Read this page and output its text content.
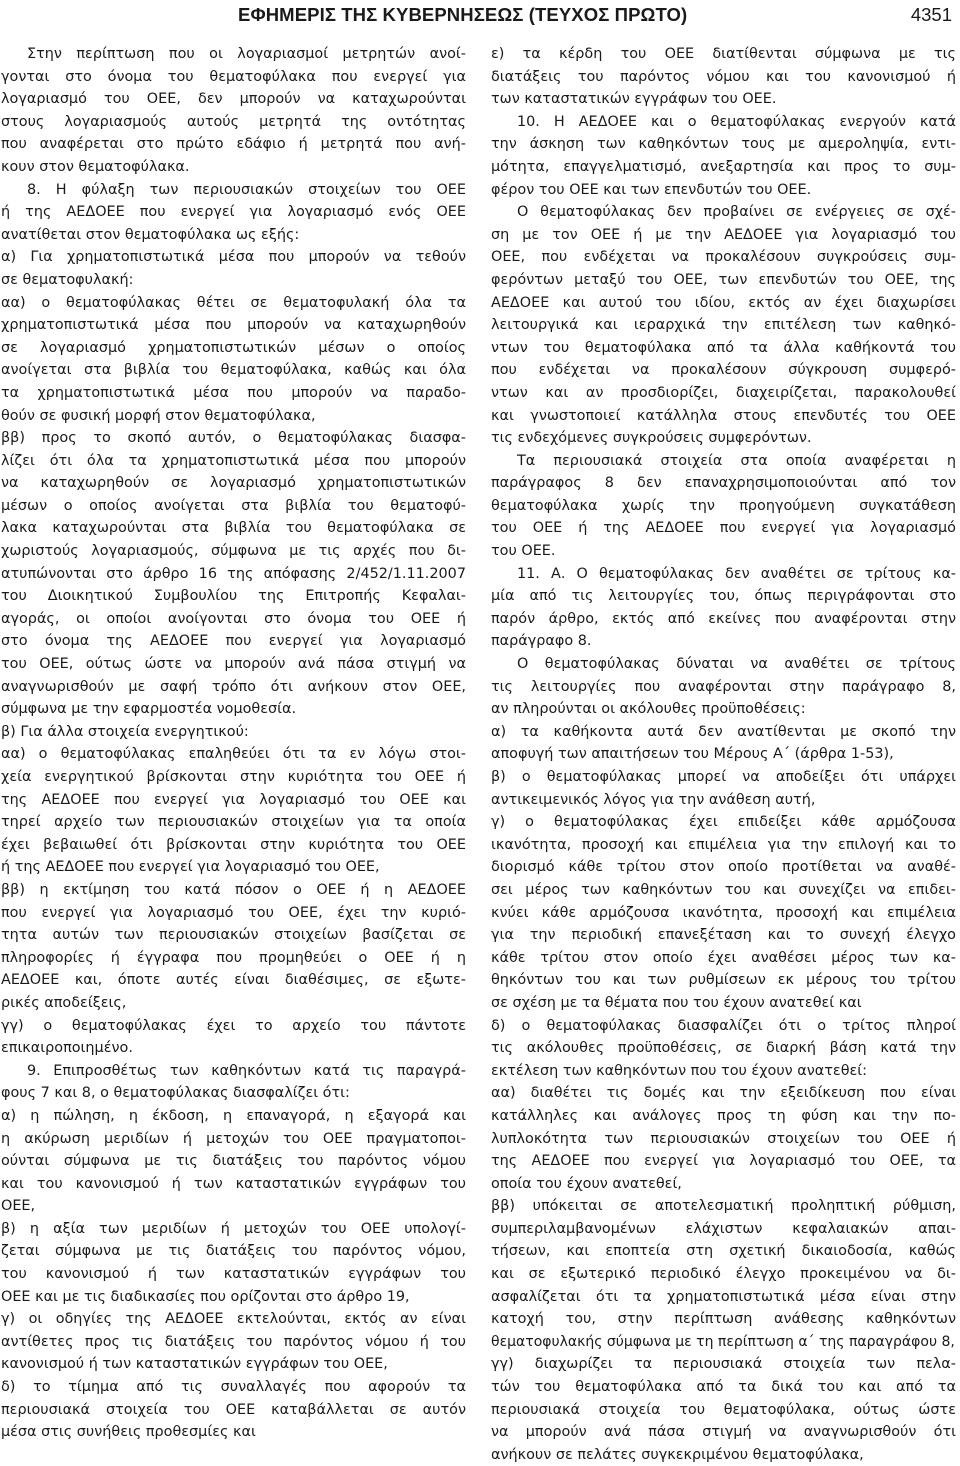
ΕΦΗΜΕΡΙΣ ΤΗΣ ΚΥΒΕΡΝΗΣΕΩΣ (ΤΕΥΧΟΣ ΠΡΩΤΟ)	4351
Στην περίπτωση που οι λογαριασμοί μετρητών ανοί-
γονται στο όνομα του θεματοφύλακα που ενεργεί για
λογαριασμό του ΟΕΕ, δεν μπορούν να καταχωρούνται
στους λογαριασμούς αυτούς μετρητά της οντότητας
που αναφέρεται στο πρώτο εδάφιο ή μετρητά που ανή-
κουν στον θεματοφύλακα.
8. Η φύλαξη των περιουσιακών στοιχείων του ΟΕΕ
ή της ΑΕΔΟΕΕ που ενεργεί για λογαριασμό ενός ΟΕΕ
ανατίθεται στον θεματοφύλακα ως εξής:
α) Για χρηματοπιστωτικά μέσα που μπορούν να τεθούν
σε θεματοφυλακή:
αα) ο θεματοφύλακας θέτει σε θεματοφυλακή όλα τα
χρηματοπιστωτικά μέσα που μπορούν να καταχωρηθούν
σε λογαριασμό χρηματοπιστωτικών μέσων ο οποίος
ανοίγεται στα βιβλία του θεματοφύλακα, καθώς και όλα
τα χρηματοπιστωτικά μέσα που μπορούν να παραδο-
θούν σε φυσική μορφή στον θεματοφύλακα,
ββ) προς το σκοπό αυτόν, ο θεματοφύλακας διασφα-
λίζει ότι όλα τα χρηματοπιστωτικά μέσα που μπορούν
να καταχωρηθούν σε λογαριασμό χρηματοπιστωτικών
μέσων ο οποίος ανοίγεται στα βιβλία του θεματοφύ-
λακα καταχωρούνται στα βιβλία του θεματοφύλακα σε
χωριστούς λογαριασμούς, σύμφωνα με τις αρχές που δι-
ατυπώνονται στο άρθρο 16 της απόφασης 2/452/1.11.2007
του Διοικητικού Συμβουλίου της Επιτροπής Κεφαλαι-
αγοράς, οι οποίοι ανοίγονται στο όνομα του ΟΕΕ ή
στο όνομα της ΑΕΔΟΕΕ που ενεργεί για λογαριασμό
του ΟΕΕ, ούτως ώστε να μπορούν ανά πάσα στιγμή να
αναγνωρισθούν με σαφή τρόπο ότι ανήκουν στον ΟΕΕ,
σύμφωνα με την εφαρμοστέα νομοθεσία.
β) Για άλλα στοιχεία ενεργητικού:
αα) ο θεματοφύλακας επαληθεύει ότι τα εν λόγω στοι-
χεία ενεργητικού βρίσκονται στην κυριότητα του ΟΕΕ ή
της ΑΕΔΟΕΕ που ενεργεί για λογαριασμό του ΟΕΕ και
τηρεί αρχείο των περιουσιακών στοιχείων για τα οποία
έχει βεβαιωθεί ότι βρίσκονται στην κυριότητα του ΟΕΕ
ή της ΑΕΔΟΕΕ που ενεργεί για λογαριασμό του ΟΕΕ,
ββ) η εκτίμηση του κατά πόσον ο ΟΕΕ ή η ΑΕΔΟΕΕ
που ενεργεί για λογαριασμό του ΟΕΕ, έχει την κυριό-
τητα αυτών των περιουσιακών στοιχείων βασίζεται σε
πληροφορίες ή έγγραφα που προμηθεύει ο ΟΕΕ ή η
ΑΕΔΟΕΕ και, όποτε αυτές είναι διαθέσιμες, σε εξωτε-
ρικές αποδείξεις,
γγ) ο θεματοφύλακας έχει το αρχείο του πάντοτε
επικαιροποιημένο.
9. Επιπροσθέτως των καθηκόντων κατά τις παραγρά-
φους 7 και 8, ο θεματοφύλακας διασφαλίζει ότι:
α) η πώληση, η έκδοση, η επαναγορά, η εξαγορά και
η ακύρωση μεριδίων ή μετοχών του ΟΕΕ πραγματοποι-
ούνται σύμφωνα με τις διατάξεις του παρόντος νόμου
και του κανονισμού ή των καταστατικών εγγράφων του
ΟΕΕ,
β) η αξία των μεριδίων ή μετοχών του ΟΕΕ υπολογί-
ζεται σύμφωνα με τις διατάξεις του παρόντος νόμου,
του κανονισμού ή των καταστατικών εγγράφων του
ΟΕΕ και με τις διαδικασίες που ορίζονται στο άρθρο 19,
γ) οι οδηγίες της ΑΕΔΟΕΕ εκτελούνται, εκτός αν είναι
αντίθετες προς τις διατάξεις του παρόντος νόμου ή του
κανονισμού ή των καταστατικών εγγράφων του ΟΕΕ,
δ) το τίμημα από τις συναλλαγές που αφορούν τα
περιουσιακά στοιχεία του ΟΕΕ καταβάλλεται σε αυτόν
μέσα στις συνήθεις προθεσμίες και
ε) τα κέρδη του ΟΕΕ διατίθενται σύμφωνα με τις
διατάξεις του παρόντος νόμου και του κανονισμού ή
των καταστατικών εγγράφων του ΟΕΕ.
10. Η ΑΕΔΟΕΕ και ο θεματοφύλακας ενεργούν κατά
την άσκηση των καθηκόντων τους με αμεροληψία, εντι-
μότητα, επαγγελματισμό, ανεξαρτησία και προς το συμ-
φέρον του ΟΕΕ και των επενδυτών του ΟΕΕ.
Ο θεματοφύλακας δεν προβαίνει σε ενέργειες σε σχέ-
ση με τον ΟΕΕ ή με την ΑΕΔΟΕΕ για λογαριασμό του
ΟΕΕ, που ενδέχεται να προκαλέσουν συγκρούσεις συμ-
φερόντων μεταξύ του ΟΕΕ, των επενδυτών του ΟΕΕ, της
ΑΕΔΟΕΕ και αυτού του ιδίου, εκτός αν έχει διαχωρίσει
λειτουργικά και ιεραρχικά την επιτέλεση των καθηκό-
ντων του θεματοφύλακα από τα άλλα καθήκοντά του
που ενδέχεται να προκαλέσουν σύγκρουση συμφερό-
ντων και αν προσδιορίζει, διαχειρίζεται, παρακολουθεί
και γνωστοποιεί κατάλληλα στους επενδυτές του ΟΕΕ
τις ενδεχόμενες συγκρούσεις συμφερόντων.
Τα περιουσιακά στοιχεία στα οποία αναφέρεται η
παράγραφος 8 δεν επαναχρησιμοποιούνται από τον
θεματοφύλακα χωρίς την προηγούμενη συγκατάθεση
του ΟΕΕ ή της ΑΕΔΟΕΕ που ενεργεί για λογαριασμό
του ΟΕΕ.
11. Α. Ο θεματοφύλακας δεν αναθέτει σε τρίτους κα-
μία από τις λειτουργίες του, όπως περιγράφονται στο
παρόν άρθρο, εκτός από εκείνες που αναφέρονται στην
παράγραφο 8.
Ο θεματοφύλακας δύναται να αναθέτει σε τρίτους
τις λειτουργίες που αναφέρονται στην παράγραφο 8,
αν πληρούνται οι ακόλουθες προϋποθέσεις:
α) τα καθήκοντα αυτά δεν ανατίθενται με σκοπό την
αποφυγή των απαιτήσεων του Μέρους Α΄ (άρθρα 1-53),
β) ο θεματοφύλακας μπορεί να αποδείξει ότι υπάρχει
αντικειμενικός λόγος για την ανάθεση αυτή,
γ) ο θεματοφύλακας έχει επιδείξει κάθε αρμόζουσα
ικανότητα, προσοχή και επιμέλεια για την επιλογή και το
διορισμό κάθε τρίτου στον οποίο προτίθεται να αναθέ-
σει μέρος των καθηκόντων του και συνεχίζει να επιδει-
κνύει κάθε αρμόζουσα ικανότητα, προσοχή και επιμέλεια
για την περιοδική επανεξέταση και το συνεχή έλεγχο
κάθε τρίτου στον οποίο έχει αναθέσει μέρος των κα-
θηκόντων του και των ρυθμίσεων εκ μέρους του τρίτου
σε σχέση με τα θέματα που του έχουν ανατεθεί και
δ) ο θεματοφύλακας διασφαλίζει ότι ο τρίτος πληροί
τις ακόλουθες προϋποθέσεις, σε διαρκή βάση κατά την
εκτέλεση των καθηκόντων που του έχουν ανατεθεί:
αα) διαθέτει τις δομές και την εξειδίκευση που είναι
κατάλληλες και ανάλογες προς τη φύση και την πο-
λυπλοκότητα των περιουσιακών στοιχείων του ΟΕΕ ή
της ΑΕΔΟΕΕ που ενεργεί για λογαριασμό του ΟΕΕ, τα
οποία του έχουν ανατεθεί,
ββ) υπόκειται σε αποτελεσματική προληπτική ρύθμιση,
συμπεριλαμβανομένων ελάχιστων κεφαλαιακών απαι-
τήσεων, και εποπτεία στη σχετική δικαιοδοσία, καθώς
και σε εξωτερικό περιοδικό έλεγχο προκειμένου να δι-
ασφαλίζεται ότι τα χρηματοπιστωτικά μέσα είναι στην
κατοχή του, στην περίπτωση ανάθεσης καθηκόντων
θεματοφυλακής σύμφωνα με τη περίπτωση α΄ της παραγράφου 8,
γγ) διαχωρίζει τα περιουσιακά στοιχεία των πελα-
τών του θεματοφύλακα από τα δικά του και από τα
περιουσιακά στοιχεία του θεματοφύλακα, ούτως ώστε
να μπορούν ανά πάσα στιγμή να αναγνωρισθούν ότι
ανήκουν σε πελάτες συγκεκριμένου θεματοφύλακα,
